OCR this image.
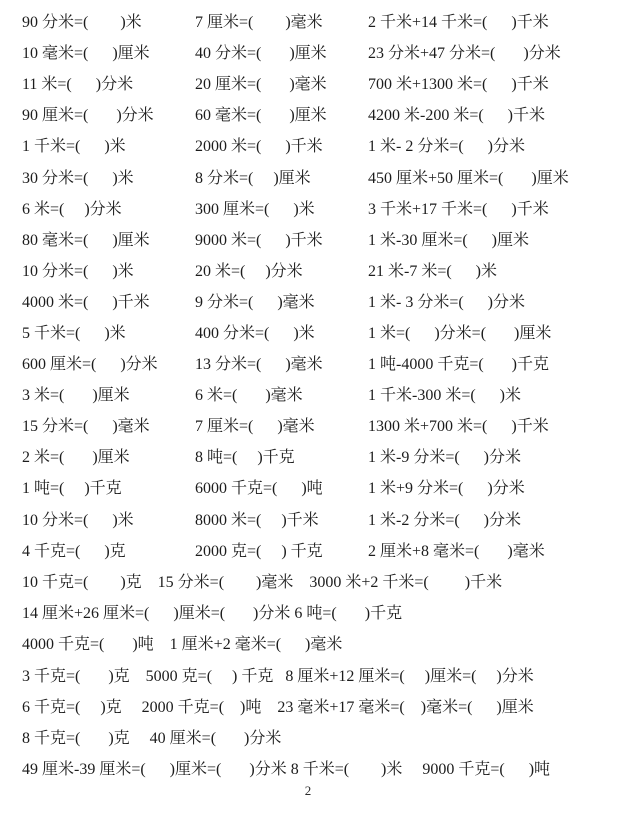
90 分米=(        )米	7 厘米=(        )毫米	2 千米+14 千米=(      )千米
10 毫米=(      )厘米	40 分米=(       )厘米	23 分米+47 分米=(       )分米
11 米=(      )分米	20 厘米=(       )毫米	700 米+1300 米=(      )千米
90 厘米=(       )分米	60 毫米=(       )厘米	4200 米-200 米=(      )千米
1 千米=(      )米	2000 米=(      )千米	1 米- 2 分米=(      )分米
30 分米=(      )米	8 分米=(     )厘米	450 厘米+50 厘米=(       )厘米
6 米=(     )分米	300 厘米=(      )米	3 千米+17 千米=(      )千米
80 毫米=(      )厘米	9000 米=(      )千米	1 米-30 厘米=(      )厘米
10 分米=(      )米	20 米=(     )分米	21 米-7 米=(      )米
4000 米=(      )千米	9 分米=(      )毫米	1 米- 3 分米=(      )分米
5 千米=(      )米	400 分米=(      )米	1 米=(      )分米=(       )厘米
600 厘米=(      )分米	13 分米=(      )毫米	1 吨-4000 千克=(       )千克
3 米=(       )厘米	6 米=(       )毫米	1 千米-300 米=(      )米
15 分米=(      )毫米	7 厘米=(      )毫米	1300 米+700 米=(      )千米
2 米=(       )厘米	8 吨=(     )千克	1 米-9 分米=(      )分米
1 吨=(     )千克	6000 千克=(      )吨	1 米+9 分米=(      )分米
10 分米=(      )米	8000 米=(     )千米	1 米-2 分米=(      )分米
4 千克=(      )克	2000 克=(     ) 千克	2 厘米+8 毫米=(       )毫米
10 千克=(        )克    15 分米=(        )毫米    3000 米+2 千米=(         )千米
14 厘米+26 厘米=(      )厘米=(       )分米 6 吨=(       )千克
4000 千克=(       )吨    1 厘米+2 毫米=(      )毫米
3 千克=(       )克    5000 克=(     ) 千克   8 厘米+12 厘米=(     )厘米=(     )分米
6 千克=(     )克     2000 千克=(    )吨    23 毫米+17 毫米=(    )毫米=(      )厘米
8 千克=(       )克     40 厘米=(       )分米
49 厘米-39 厘米=(      )厘米=(       )分米 8 千米=(        )米     9000 千克=(      )吨
2
